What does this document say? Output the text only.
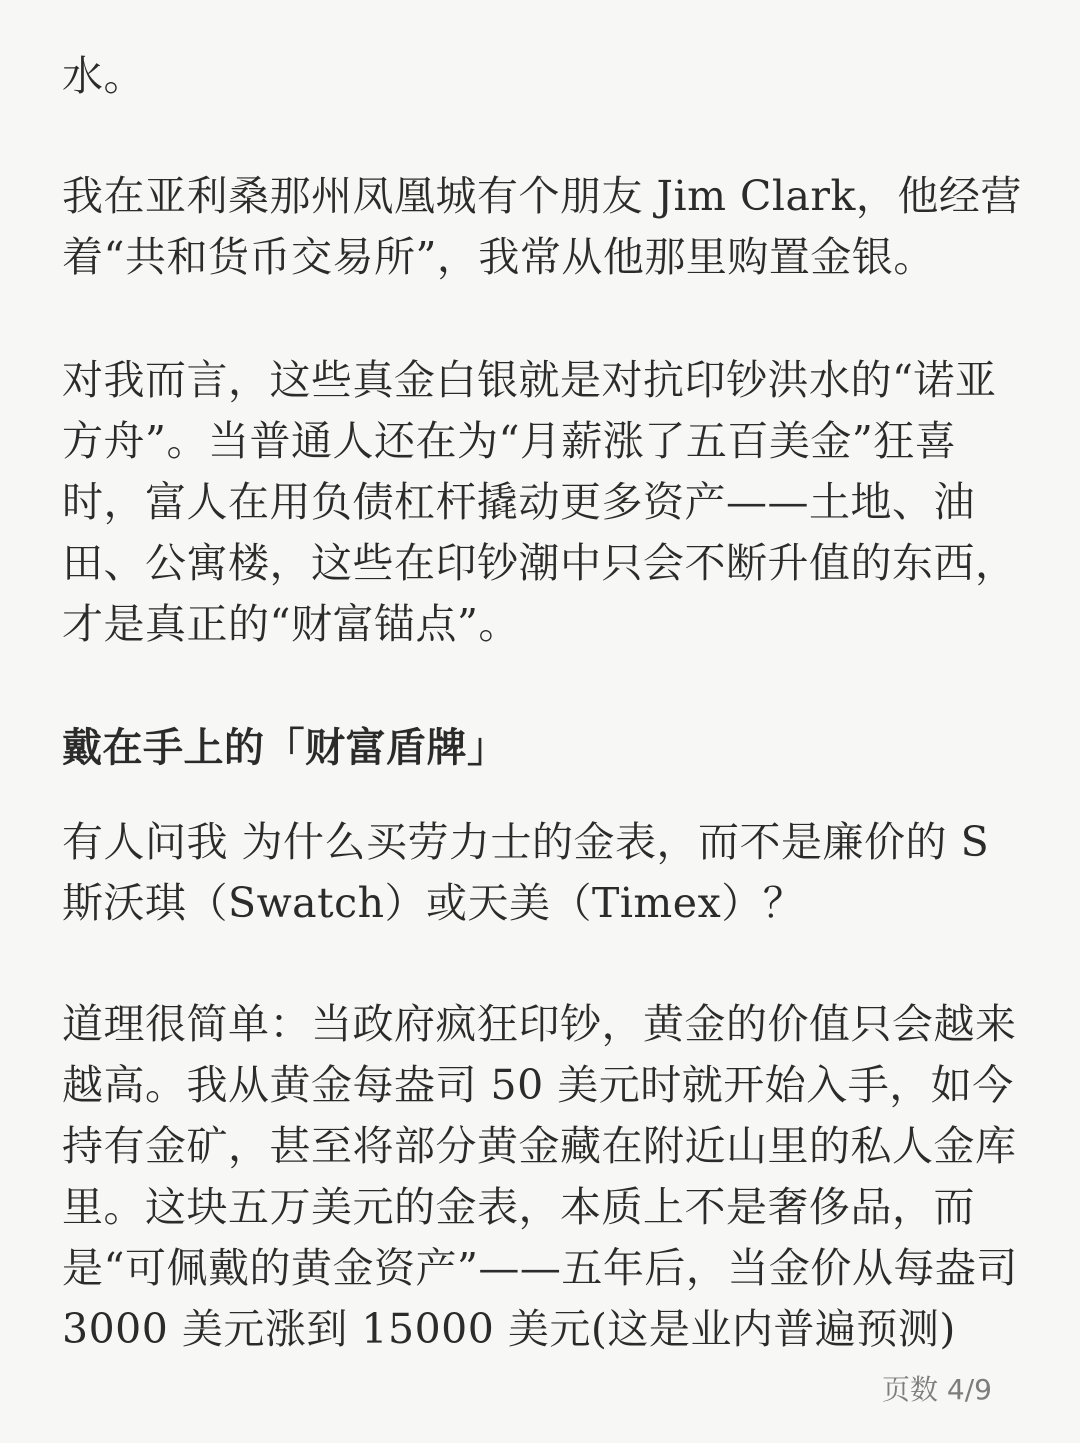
水。

我在亚利桑那州凤凰城有个朋友 Jim Clark，他经营着“共和货币交易所”，我常从他那里购置金银。

对我而言，这些真金白银就是对抗印钞洪水的“诺亚方舟”。当普通人还在为“月薪涨了五百美金”狂喜时，富人在用负债杠杆撬动更多资产——土地、油田、公寓楼，这些在印钞潮中只会不断升值的东西，才是真正的“财富锚点”。

戴在手上的「财富盾牌」

有人问我 为什么买劳力士的金表，而不是廉价的 S 斯沃琪（Swatch）或天美（Timex）？

道理很简单：当政府疯狂印钞，黄金的价值只会越来越高。我从黄金每盎司 50 美元时就开始入手，如今持有金矿，甚至将部分黄金藏在附近山里的私人金库里。这块五万美元的金表，本质上不是奢侈品，而是“可佩戴的黄金资产”——五年后，当金价从每盎司 3000 美元涨到 15000 美元(这是业内普遍预测)

页数 4/9
